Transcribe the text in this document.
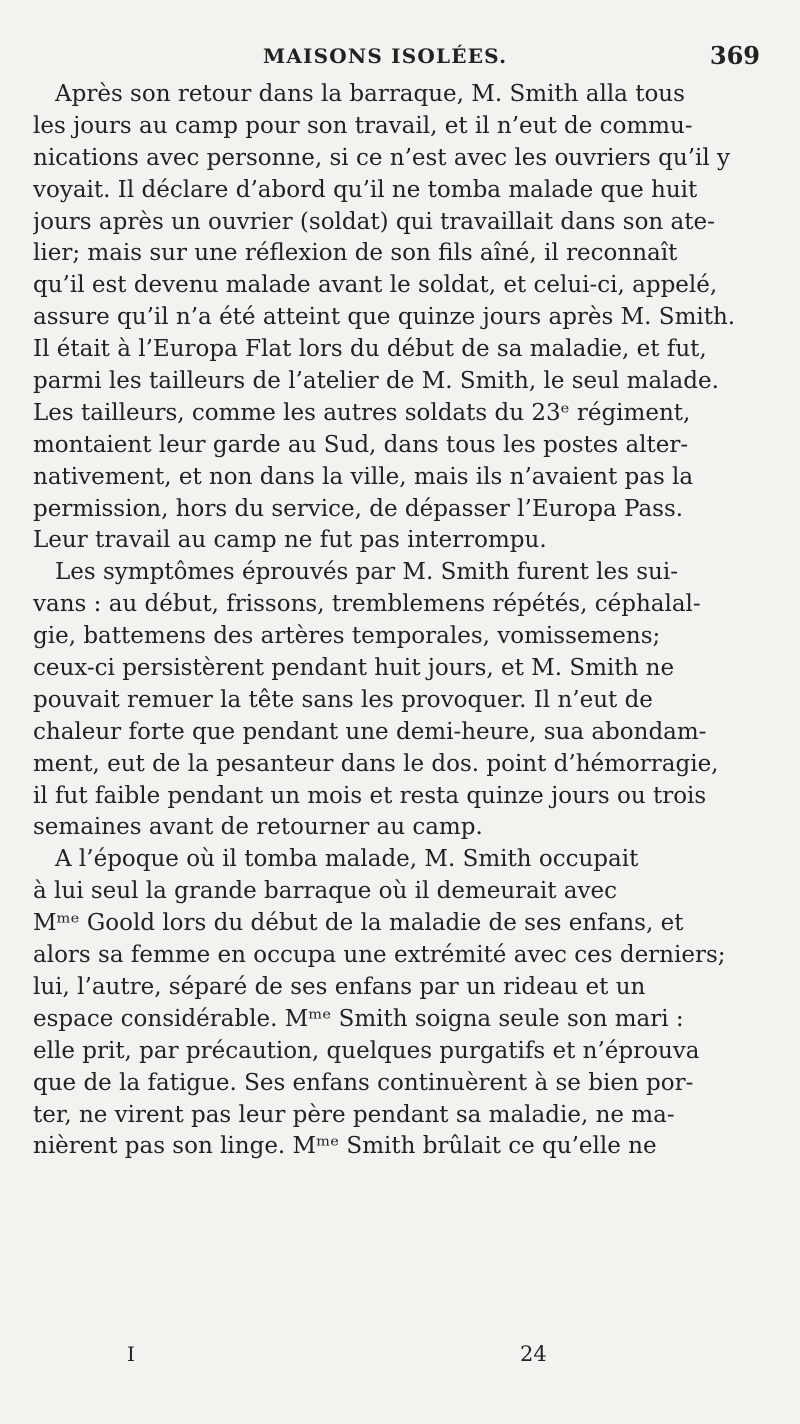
MAISONS ISOLÉES.	369
Après son retour dans la barraque, M. Smith alla tous
les jours au camp pour son travail, et il n’eut de commu-
nications avec personne, si ce n’est avec les ouvriers qu’il y
voyait. Il déclare d’abord qu’il ne tomba malade que huit
jours après un ouvrier (soldat) qui travaillait dans son ate-
lier; mais sur une réflexion de son fils aîné, il reconnaît
qu’il est devenu malade avant le soldat, et celui-ci, appelé,
assure qu’il n’a été atteint que quinze jours après M. Smith.
Il était à l’Europa Flat lors du début de sa maladie, et fut,
parmi les tailleurs de l’atelier de M. Smith, le seul malade.
Les tailleurs, comme les autres soldats du 23ᵉ régiment,
montaient leur garde au Sud, dans tous les postes alter-
nativement, et non dans la ville, mais ils n’avaient pas la
permission, hors du service, de dépasser l’Europa Pass.
Leur travail au camp ne fut pas interrompu.
Les symptômes éprouvés par M. Smith furent les sui-
vans : au début, frissons, tremblemens répétés, céphalal-
gie, battemens des artères temporales, vomissemens;
ceux-ci persistèrent pendant huit jours, et M. Smith ne
pouvait remuer la tête sans les provoquer. Il n’eut de
chaleur forte que pendant une demi-heure, sua abondam-
ment, eut de la pesanteur dans le dos. point d’hémorragie,
il fut faible pendant un mois et resta quinze jours ou trois
semaines avant de retourner au camp.
A l’époque où il tomba malade, M. Smith occupait
à lui seul la grande barraque où il demeurait avec
Mᵐᵉ Goold lors du début de la maladie de ses enfans, et
alors sa femme en occupa une extrémité avec ces derniers;
lui, l’autre, séparé de ses enfans par un rideau et un
espace considérable. Mᵐᵉ Smith soigna seule son mari :
elle prit, par précaution, quelques purgatifs et n’éprouva
que de la fatigue. Ses enfans continuèrent à se bien por-
ter, ne virent pas leur père pendant sa maladie, ne ma-
nièrent pas son linge. Mᵐᵉ Smith brûlait ce qu’elle ne
I	24
